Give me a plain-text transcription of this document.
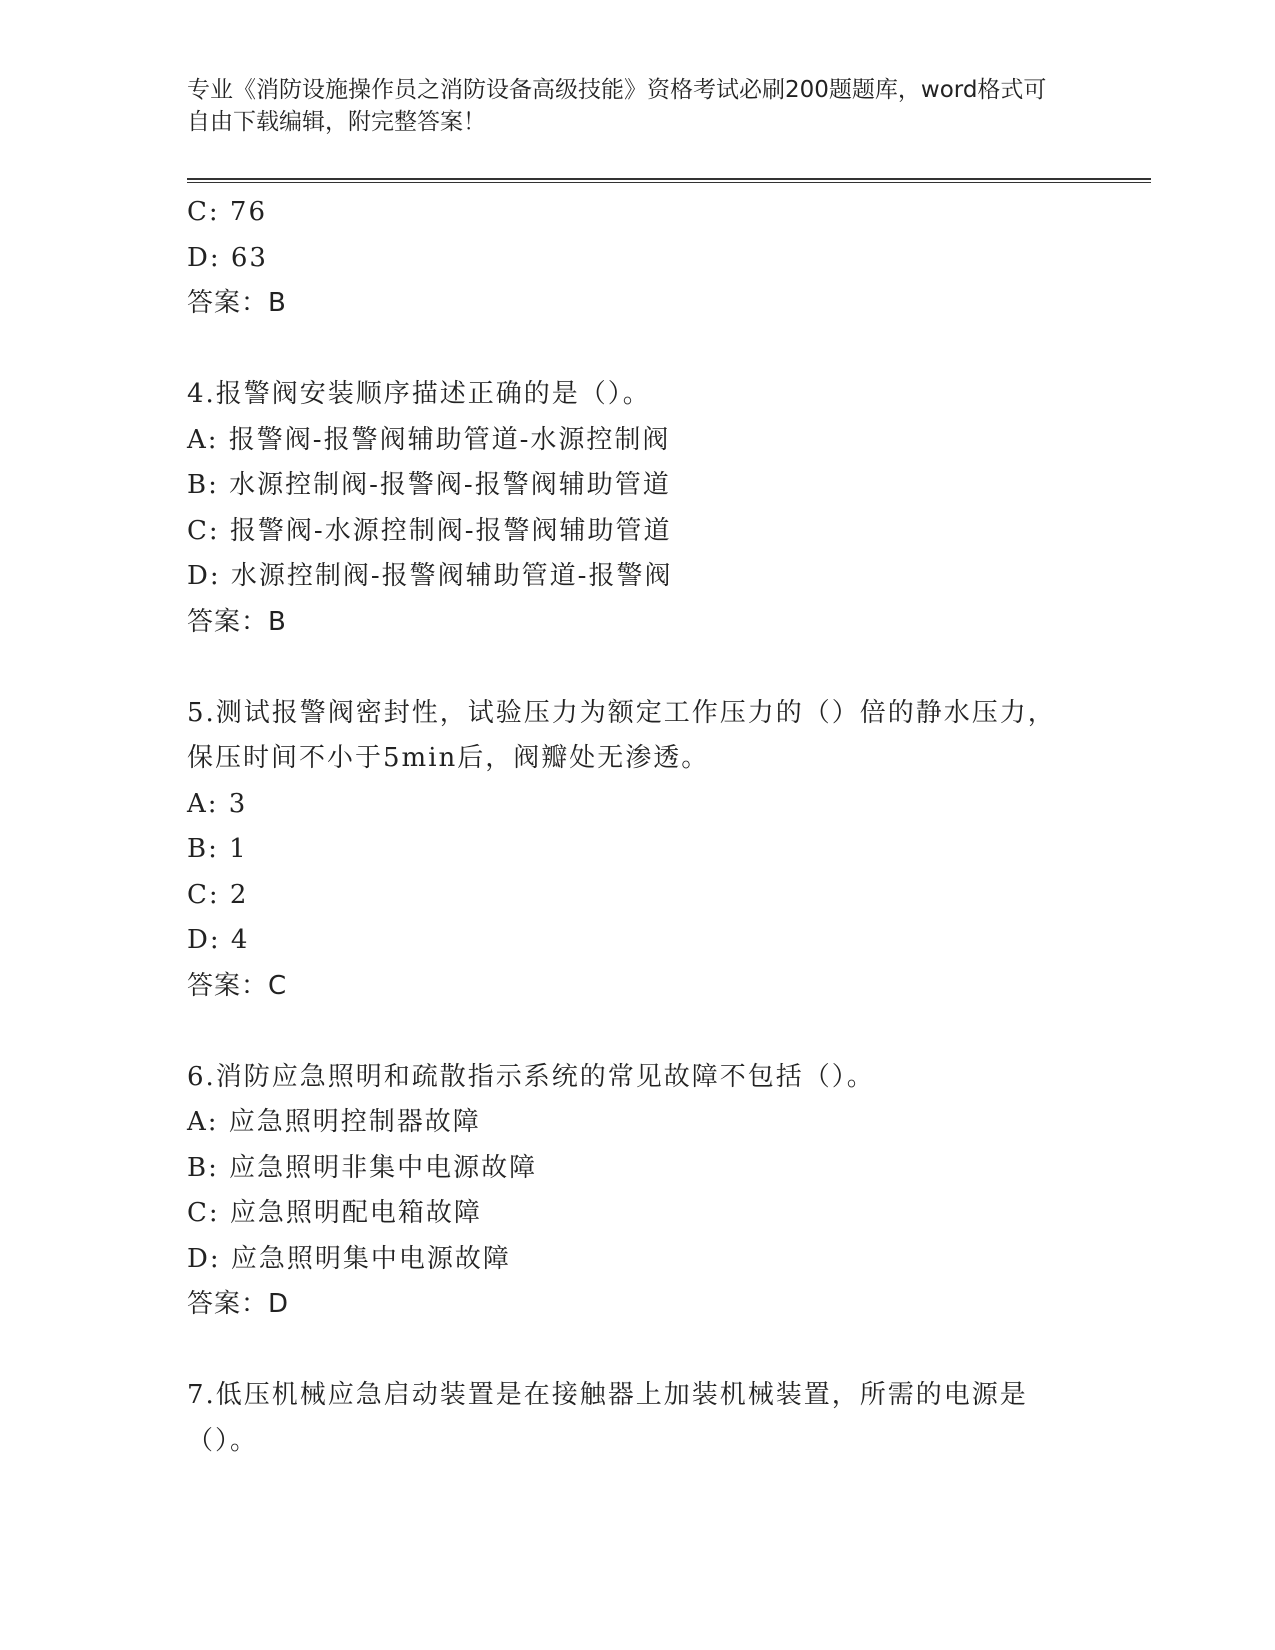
专业《消防设施操作员之消防设备高级技能》资格考试必刷200题题库，word格式可自由下载编辑，附完整答案！
C: 76
D: 63
答案：B
4.报警阀安装顺序描述正确的是（）。
A: 报警阀-报警阀辅助管道-水源控制阀
B: 水源控制阀-报警阀-报警阀辅助管道
C: 报警阀-水源控制阀-报警阀辅助管道
D: 水源控制阀-报警阀辅助管道-报警阀
答案：B
5.测试报警阀密封性，试验压力为额定工作压力的（）倍的静水压力，保压时间不小于5min后，阀瓣处无渗透。
A: 3
B: 1
C: 2
D: 4
答案：C
6.消防应急照明和疏散指示系统的常见故障不包括（）。
A: 应急照明控制器故障
B: 应急照明非集中电源故障
C: 应急照明配电箱故障
D: 应急照明集中电源故障
答案：D
7.低压机械应急启动装置是在接触器上加装机械装置，所需的电源是（）。
